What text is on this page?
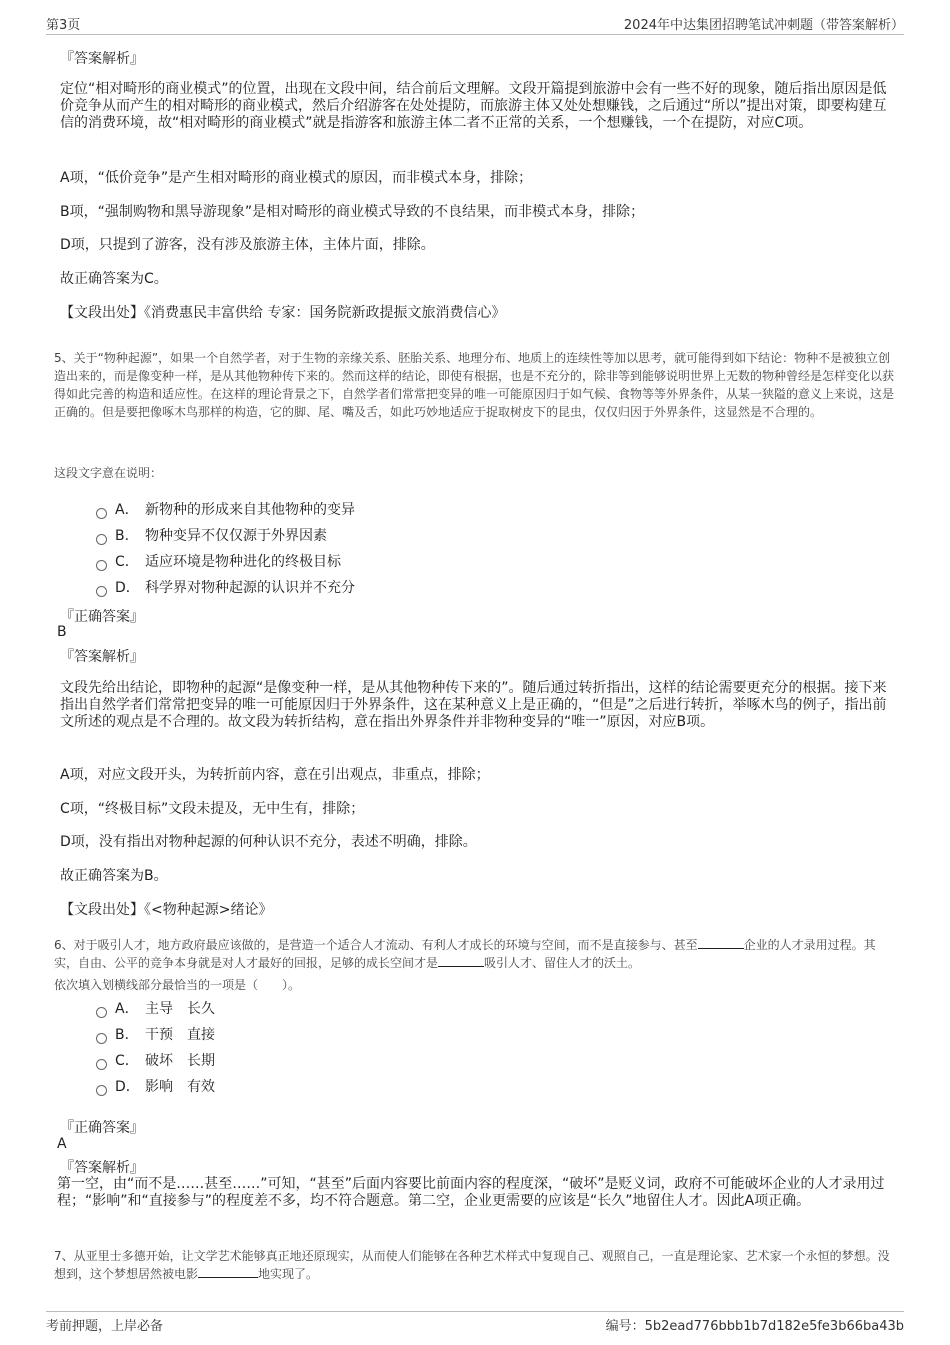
第3页	2024年中达集团招聘笔试冲刺题（带答案解析）
『答案解析』
定位“相对畸形的商业模式”的位置，出现在文段中间，结合前后文理解。文段开篇提到旅游中会有一些不好的现象，随后指出原因是低价竞争从而产生的相对畸形的商业模式，然后介绍游客在处处提防，而旅游主体又处处想赚钱，之后通过“所以”提出对策，即要构建互信的消费环境，故“相对畸形的商业模式”就是指游客和旅游主体二者不正常的关系，一个想赚钱，一个在提防，对应C项。
A项，“低价竞争”是产生相对畸形的商业模式的原因，而非模式本身，排除；
B项，“强制购物和黑导游现象”是相对畸形的商业模式导致的不良结果，而非模式本身，排除；
D项，只提到了游客，没有涉及旅游主体，主体片面，排除。
故正确答案为C。
【文段出处】《消费惠民丰富供给 专家：国务院新政提振文旅消费信心》
5、关于“物种起源”，如果一个自然学者，对于生物的亲缘关系、胚胎关系、地理分布、地质上的连续性等加以思考，就可能得到如下结论：物种不是被独立创造出来的，而是像变种一样，是从其他物种传下来的。然而这样的结论，即使有根据，也是不充分的，除非等到能够说明世界上无数的物种曾经是怎样变化以获得如此完善的构造和适应性。在这样的理论背景之下，自然学者们常常把变异的唯一可能原因归于如气候、食物等等外界条件，从某一狭隘的意义上来说，这是正确的。但是要把像啄木鸟那样的构造，它的脚、尾、嘴及舌，如此巧妙地适应于捉取树皮下的昆虫，仅仅归因于外界条件，这显然是不合理的。
这段文字意在说明：
A． 新物种的形成来自其他物种的变异
B． 物种变异不仅仅源于外界因素
C． 适应环境是物种进化的终极目标
D． 科学界对物种起源的认识并不充分
『正确答案』
B
『答案解析』
文段先给出结论，即物种的起源“是像变种一样，是从其他物种传下来的”。随后通过转折指出，这样的结论需要更充分的根据。接下来指出自然学者们常常把变异的唯一可能原因归于外界条件，这在某种意义上是正确的，“但是”之后进行转折，举啄木鸟的例子，指出前文所述的观点是不合理的。故文段为转折结构，意在指出外界条件并非物种变异的“唯一”原因，对应B项。
A项，对应文段开头，为转折前内容，意在引出观点，非重点，排除；
C项，“终极目标”文段未提及，无中生有，排除；
D项，没有指出对物种起源的何种认识不充分，表述不明确，排除。
故正确答案为B。
【文段出处】《<物种起源>绪论》
6、对于吸引人才，地方政府最应该做的，是营造一个适合人才流动、有利人才成长的环境与空间，而不是直接参与、甚至	企业的人才录用过程。其实，自由、公平的竞争本身就是对人才最好的回报，足够的成长空间才是	吸引人才、留住人才的沃土。
依次填入划横线部分最恰当的一项是（　　）。
A． 主导　长久
B． 干预　直接
C． 破坏　长期
D． 影响　有效
『正确答案』
A
『答案解析』
第一空，由“而不是……甚至……”可知，“甚至”后面内容要比前面内容的程度深，“破坏”是贬义词，政府不可能破坏企业的人才录用过程；“影响”和“直接参与”的程度差不多，均不符合题意。第二空，企业更需要的应该是“长久”地留住人才。因此A项正确。
7、从亚里士多德开始，让文学艺术能够真正地还原现实，从而使人们能够在各种艺术样式中复现自己、观照自己，一直是理论家、艺术家一个永恒的梦想。没想到，这个梦想居然被电影	地实现了。
考前押题，上岸必备	编号：5b2ead776bbb1b7d182e5fe3b66ba43b
